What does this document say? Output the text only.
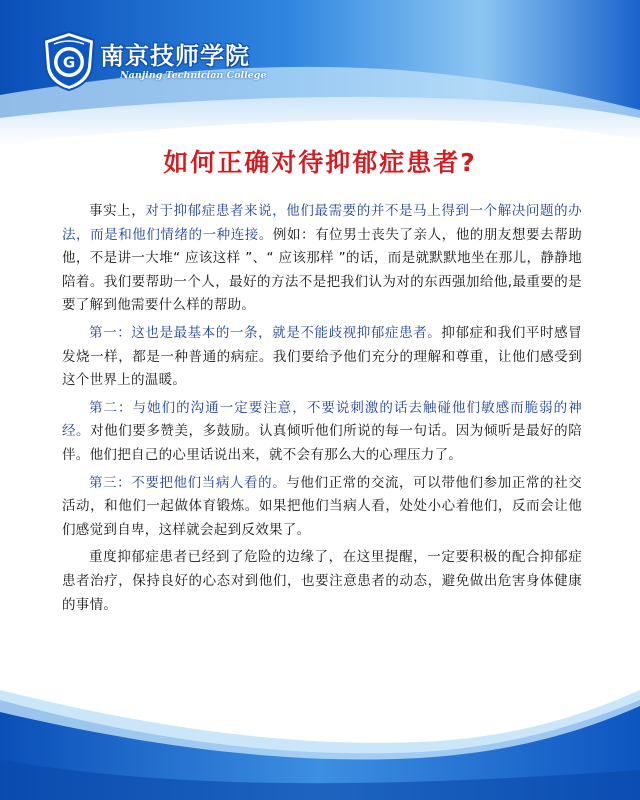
G 南京技师学院
Nanjing Technician College
如何正确对待抑郁症患者?

事实上，对于抑郁症患者来说，他们最需要的并不是马上得到一个解决问题的办法，而是和他们情绪的一种连接。例如：有位男士丧失了亲人，他的朋友想要去帮助他，不是讲一大堆“ 应该这样 ”、“ 应该那样 ”的话，而是就默默地坐在那儿，静静地陪着。我们要帮助一个人，最好的方法不是把我们认为对的东西强加给他,最重要的是要了解到他需要什么样的帮助。

第一：这也是最基本的一条，就是不能歧视抑郁症患者。抑郁症和我们平时感冒发烧一样，都是一种普通的病症。我们要给予他们充分的理解和尊重，让他们感受到这个世界上的温暖。

第二：与她们的沟通一定要注意，不要说刺激的话去触碰他们敏感而脆弱的神经。对他们要多赞美，多鼓励。认真倾听他们所说的每一句话。因为倾听是最好的陪伴。他们把自己的心里话说出来，就不会有那么大的心理压力了。

第三：不要把他们当病人看的。与他们正常的交流，可以带他们参加正常的社交活动，和他们一起做体育锻炼。如果把他们当病人看，处处小心着他们，反而会让他们感觉到自卑，这样就会起到反效果了。

重度抑郁症患者已经到了危险的边缘了，在这里提醒，一定要积极的配合抑郁症患者治疗，保持良好的心态对到他们，也要注意患者的动态，避免做出危害身体健康的事情。
